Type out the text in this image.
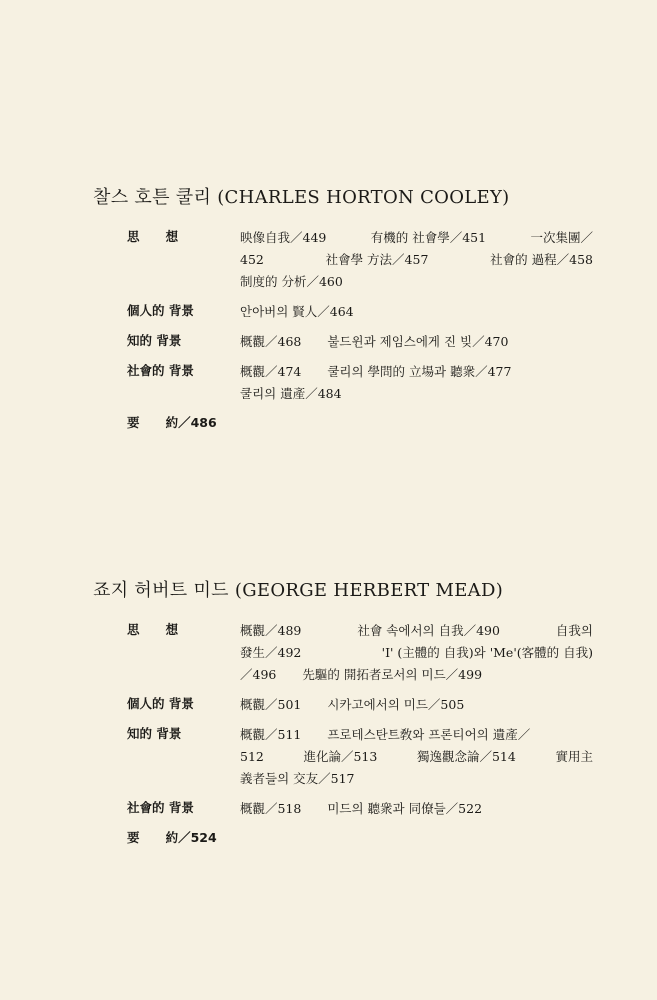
찰스 호튼 쿨리 (CHARLES HORTON COOLEY)
思      想	映像自我／449	有機的 社會學／451	一次集團／
452	社會學 方法／457	社會的 過程／458
制度的 分析／460
個人的 背景	안아버의 賢人／464
知的 背景	概觀／468 불드윈과 제임스에게 진 빚／470
社會的 背景	概觀／474 쿨리의 學問的 立場과 聽衆／477
쿨리의 遺產／484
要      約／486
죠지 허버트 미드 (GEORGE HERBERT MEAD)
思      想	概觀／489	社會 속에서의 自我／490	自我의
發生／492	'I' (主體的 自我)와 'Me'(客體的 自我)
／496 先驅的 開拓者로서의 미드／499
個人的 背景	概觀／501 시카고에서의 미드／505
知的 背景	概觀／511 프로테스탄트敎와 프론티어의 遺產／
512	進化論／513	獨逸觀念論／514	實用主
義者들의 交友／517
社會的 背景	概觀／518 미드의 聽衆과 同僚들／522
要      約／524
